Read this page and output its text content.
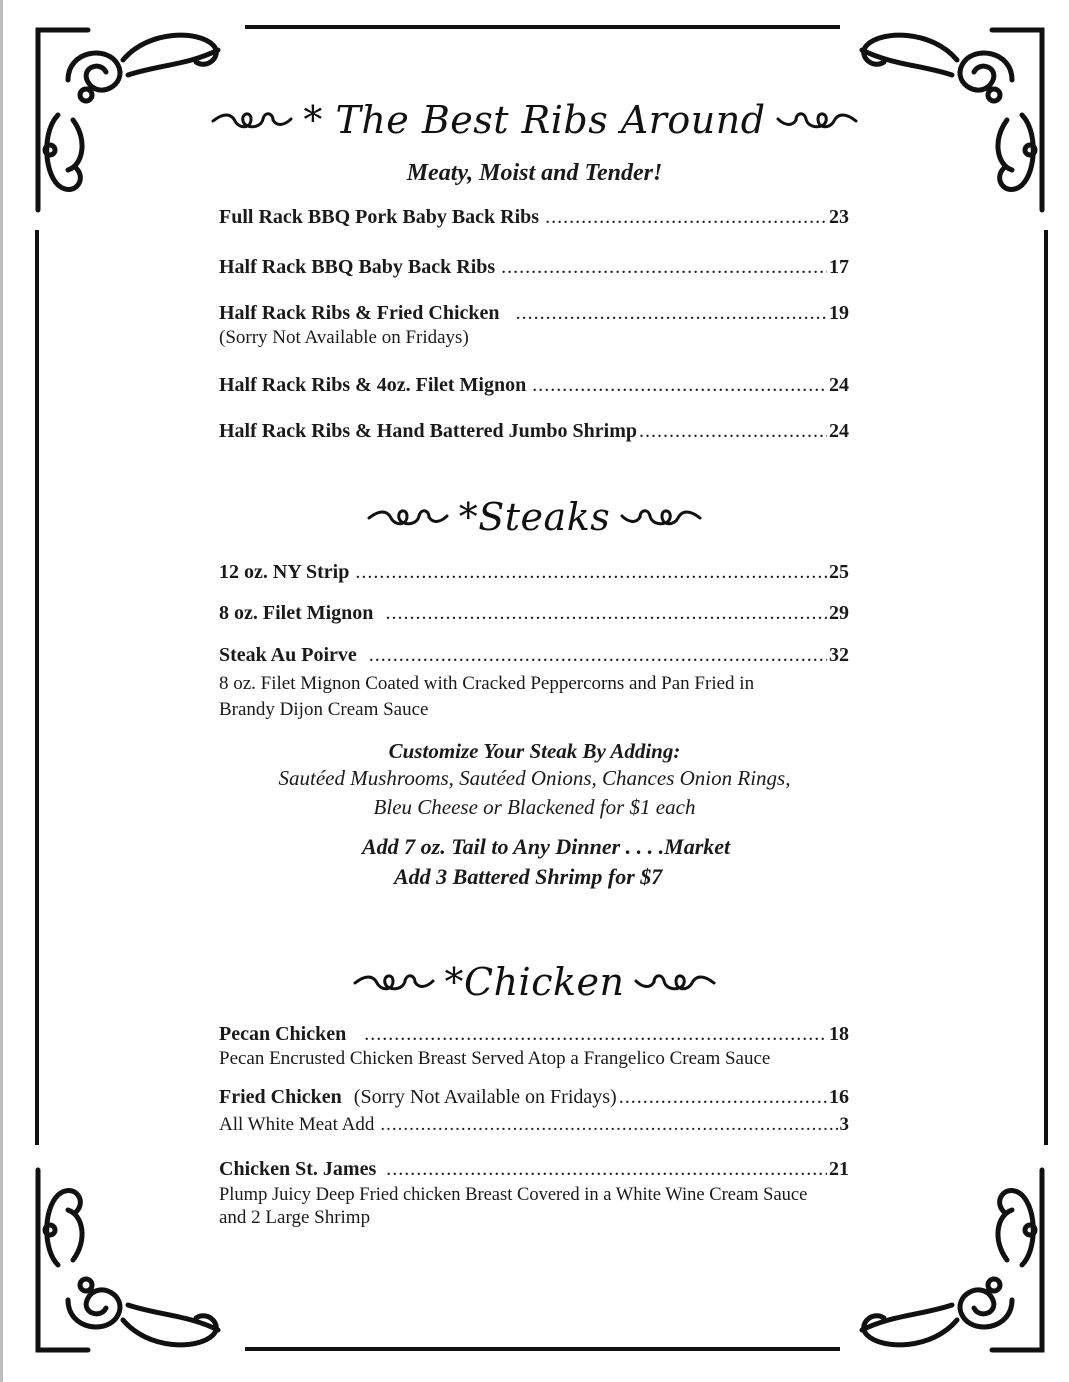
* The Best Ribs Around
Meaty, Moist and Tender!
Full Rack BBQ Pork Baby Back Ribs .....	23
Half Rack BBQ Baby Back Ribs .....	17
Half Rack Ribs & Fried Chicken .....	19
(Sorry Not Available on Fridays)
Half Rack Ribs & 4oz. Filet Mignon .....	24
Half Rack Ribs & Hand Battered Jumbo Shrimp .....	24
*Steaks
12 oz. NY Strip .....	25
8 oz. Filet Mignon .....	29
Steak Au Poirve .....	32
8 oz. Filet Mignon Coated with Cracked Peppercorns and Pan Fried in
Brandy Dijon Cream Sauce
Customize Your Steak By Adding:
Sautéed Mushrooms, Sautéed Onions, Chances Onion Rings,
Bleu Cheese or Blackened for $1 each
Add 7 oz. Tail to Any Dinner . . . .Market
Add 3 Battered Shrimp for $7
*Chicken
Pecan Chicken .....	18
Pecan Encrusted Chicken Breast Served Atop a Frangelico Cream Sauce
Fried Chicken (Sorry Not Available on Fridays) .....	16
All White Meat Add .....	3
Chicken St. James .....	21
Plump Juicy Deep Fried chicken Breast Covered in a White Wine Cream Sauce
and 2 Large Shrimp
